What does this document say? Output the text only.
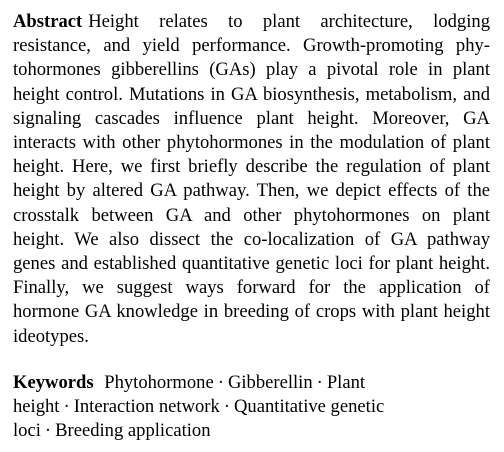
Abstract Height relates to plant architecture, lodging resistance, and yield performance. Growth-promoting phytohormones gibberellins (GAs) play a pivotal role in plant height control. Mutations in GA biosynthesis, metabolism, and signaling cascades influence plant height. Moreover, GA interacts with other phytohormones in the modulation of plant height. Here, we first briefly describe the regulation of plant height by altered GA pathway. Then, we depict effects of the crosstalk between GA and other phytohormones on plant height. We also dissect the co-localization of GA pathway genes and established quantitative genetic loci for plant height. Finally, we suggest ways forward for the application of hormone GA knowledge in breeding of crops with plant height ideotypes.

Keywords Phytohormone · Gibberellin · Plant height · Interaction network · Quantitative genetic loci · Breeding application
